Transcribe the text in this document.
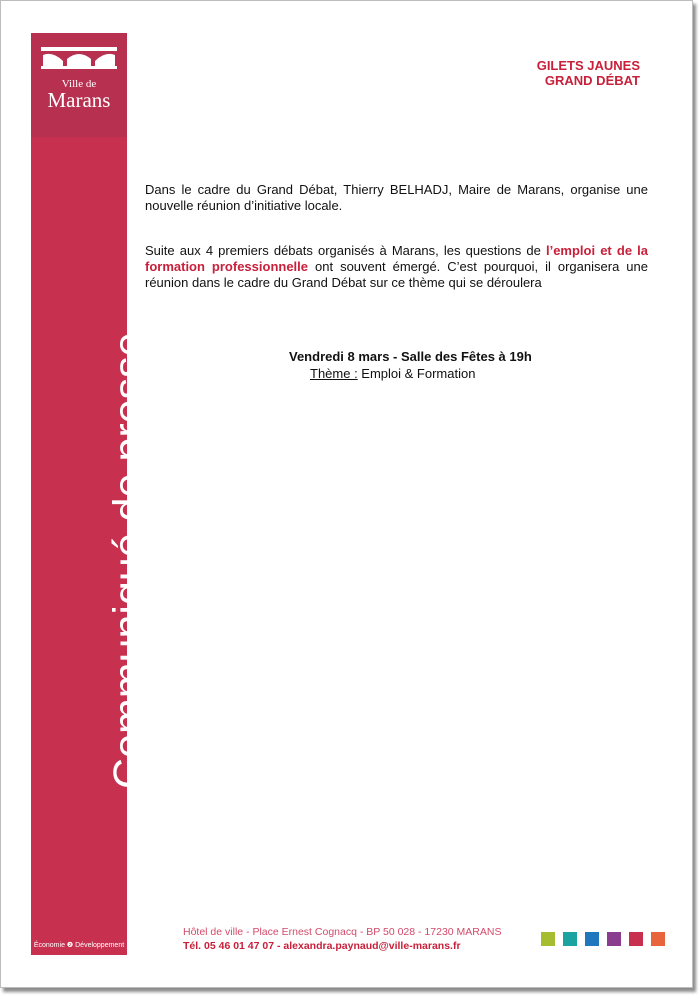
Ville de
Marans
Communiqué de presse
Économie ❷ Développement
GILETS JAUNES
GRAND DÉBAT
Dans le cadre du Grand Débat, Thierry BELHADJ, Maire de Marans, organise une nouvelle réunion d’initiative locale.
Suite aux 4 premiers débats organisés à Marans, les questions de l’emploi et de la formation professionnelle ont souvent émergé. C’est pourquoi, il organisera une réunion dans le cadre du Grand Débat sur ce thème qui se déroulera
Vendredi 8 mars - Salle des Fêtes à 19h
Thème : Emploi & Formation
Hôtel de ville - Place Ernest Cognacq - BP 50 028 - 17230 MARANS
Tél. 05 46 01 47 07 - alexandra.paynaud@ville-marans.fr
